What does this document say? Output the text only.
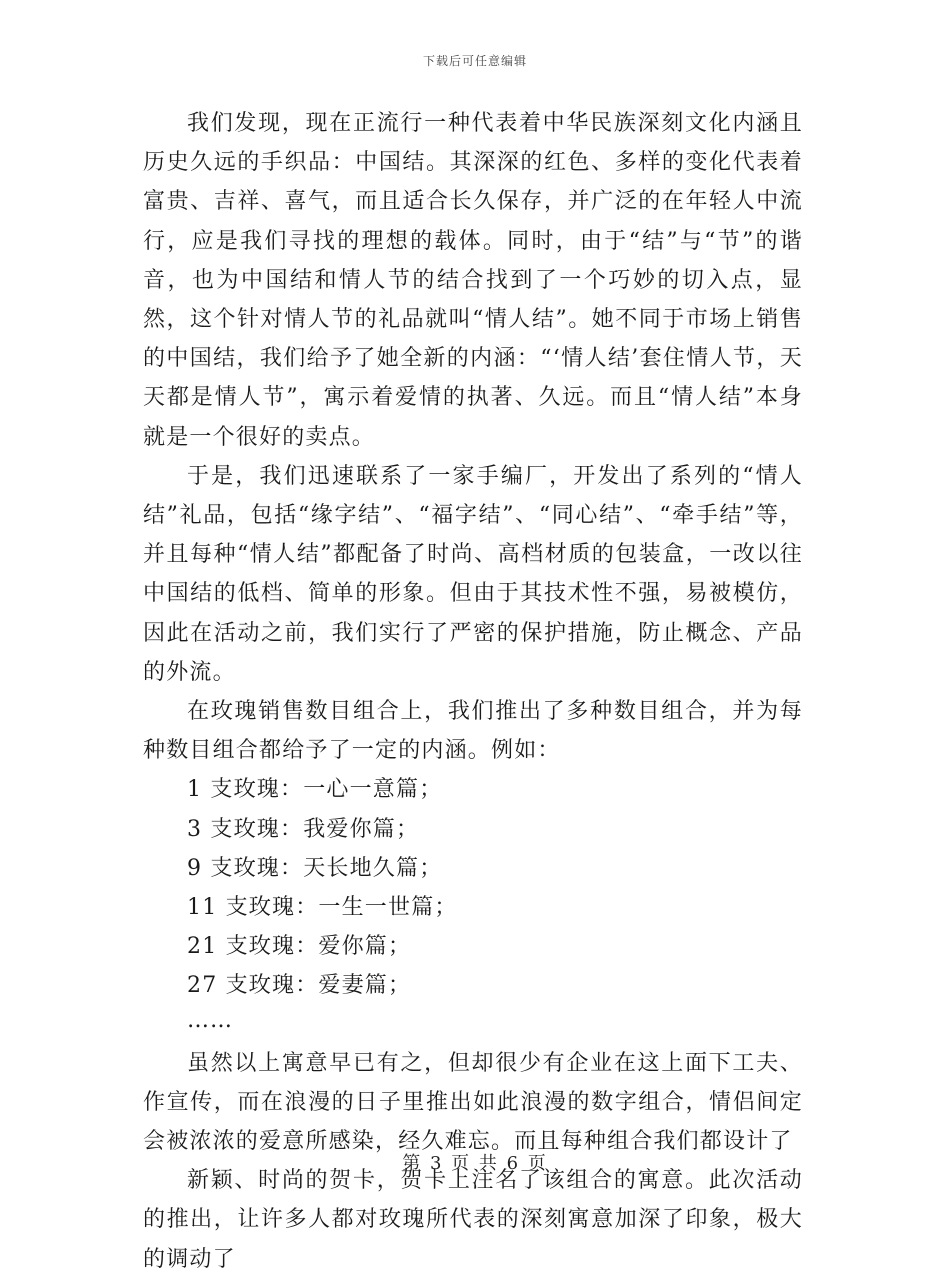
下载后可任意编辑

我们发现，现在正流行一种代表着中华民族深刻文化内涵且历史久远的手织品：中国结。其深深的红色、多样的变化代表着富贵、吉祥、喜气，而且适合长久保存，并广泛的在年轻人中流行，应是我们寻找的理想的载体。同时，由于“结”与“节”的谐音，也为中国结和情人节的结合找到了一个巧妙的切入点，显然，这个针对情人节的礼品就叫“情人结”。她不同于市场上销售的中国结，我们给予了她全新的内涵：“‘情人结’套住情人节，天天都是情人节”，寓示着爱情的执著、久远。而且“情人结”本身就是一个很好的卖点。

于是，我们迅速联系了一家手编厂，开发出了系列的“情人结”礼品，包括“缘字结”、“福字结”、“同心结”、“牵手结”等，并且每种“情人结”都配备了时尚、高档材质的包装盒，一改以往中国结的低档、简单的形象。但由于其技术性不强，易被模仿，因此在活动之前，我们实行了严密的保护措施，防止概念、产品的外流。

在玫瑰销售数目组合上，我们推出了多种数目组合，并为每种数目组合都给予了一定的内涵。例如：

1 支玫瑰：一心一意篇；
3 支玫瑰：我爱你篇；
9 支玫瑰：天长地久篇；
11 支玫瑰：一生一世篇；
21 支玫瑰：爱你篇；
27 支玫瑰：爱妻篇；
……

虽然以上寓意早已有之，但却很少有企业在这上面下工夫、作宣传，而在浪漫的日子里推出如此浪漫的数字组合，情侣间定会被浓浓的爱意所感染，经久难忘。而且每种组合我们都设计了

新颖、时尚的贺卡，贺卡上注名了该组合的寓意。此次活动的推出，让许多人都对玫瑰所代表的深刻寓意加深了印象，极大的调动了

第 3 页 共 6 页
